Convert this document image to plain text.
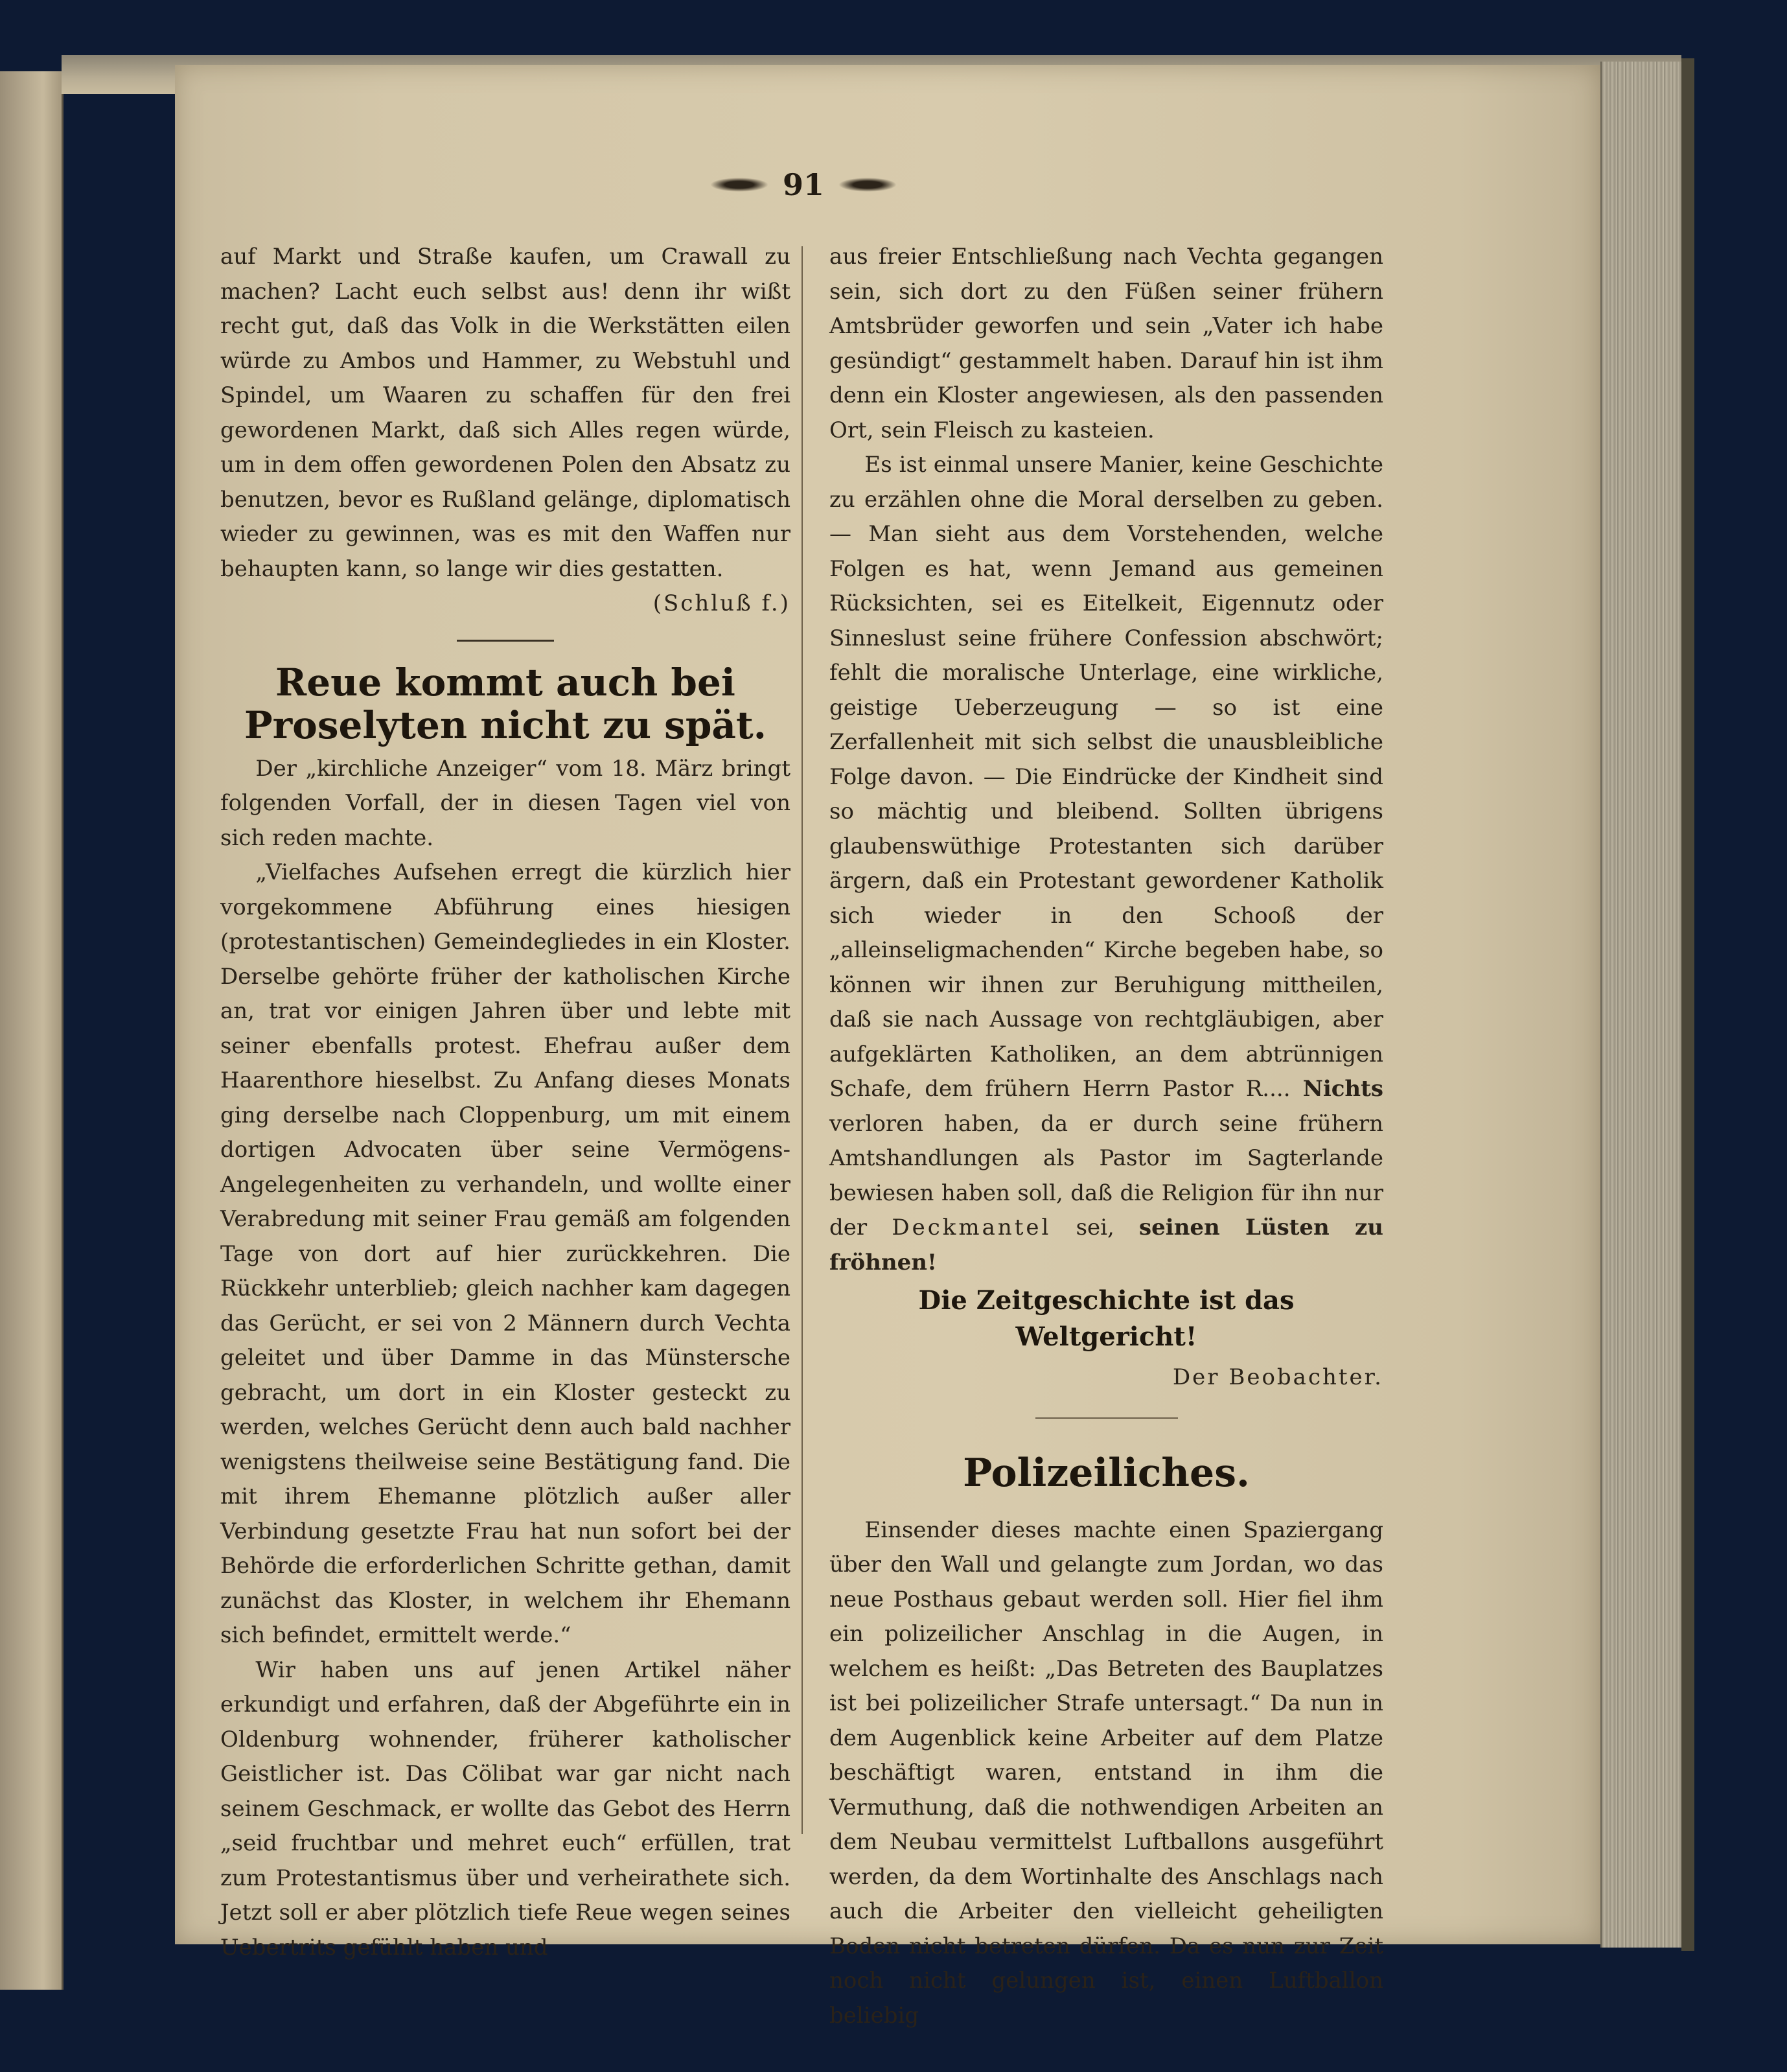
91

auf Markt und Straße kaufen, um Crawall zu machen? Lacht euch selbst aus! denn ihr wißt recht gut, daß das Volk in die Werkstätten eilen würde zu Ambos und Hammer, zu Webstuhl und Spindel, um Waaren zu schaffen für den frei gewordenen Markt, daß sich Alles regen würde, um in dem offen gewordenen Polen den Absatz zu benutzen, bevor es Rußland gelänge, diplomatisch wieder zu gewinnen, was es mit den Waffen nur behaupten kann, so lange wir dies gestatten.

(Schluß f.)

Reue kommt auch bei Proselyten nicht zu spät.

Der „kirchliche Anzeiger“ vom 18. März bringt folgenden Vorfall, der in diesen Tagen viel von sich reden machte.

„Vielfaches Aufsehen erregt die kürzlich hier vorgekommene Abführung eines hiesigen (protestantischen) Gemeindegliedes in ein Kloster. Derselbe gehörte früher der katholischen Kirche an, trat vor einigen Jahren über und lebte mit seiner ebenfalls protest. Ehefrau außer dem Haarenthore hieselbst. Zu Anfang dieses Monats ging derselbe nach Cloppenburg, um mit einem dortigen Advocaten über seine Vermögens-Angelegenheiten zu verhandeln, und wollte einer Verabredung mit seiner Frau gemäß am folgenden Tage von dort auf hier zurückkehren. Die Rückkehr unterblieb; gleich nachher kam dagegen das Gerücht, er sei von 2 Männern durch Vechta geleitet und über Damme in das Münstersche gebracht, um dort in ein Kloster gesteckt zu werden, welches Gerücht denn auch bald nachher wenigstens theilweise seine Bestätigung fand. Die mit ihrem Ehemanne plötzlich außer aller Verbindung gesetzte Frau hat nun sofort bei der Behörde die erforderlichen Schritte gethan, damit zunächst das Kloster, in welchem ihr Ehemann sich befindet, ermittelt werde.“

Wir haben uns auf jenen Artikel näher erkundigt und erfahren, daß der Abgeführte ein in Oldenburg wohnender, früherer katholischer Geistlicher ist. Das Cölibat war gar nicht nach seinem Geschmack, er wollte das Gebot des Herrn „seid fruchtbar und mehret euch“ erfüllen, trat zum Protestantismus über und verheirathete sich. Jetzt soll er aber plötzlich tiefe Reue wegen seines Uebertrits gefühlt haben und

aus freier Entschließung nach Vechta gegangen sein, sich dort zu den Füßen seiner frühern Amtsbrüder geworfen und sein „Vater ich habe gesündigt“ gestammelt haben. Darauf hin ist ihm denn ein Kloster angewiesen, als den passenden Ort, sein Fleisch zu kasteien.

Es ist einmal unsere Manier, keine Geschichte zu erzählen ohne die Moral derselben zu geben. — Man sieht aus dem Vorstehenden, welche Folgen es hat, wenn Jemand aus gemeinen Rücksichten, sei es Eitelkeit, Eigennutz oder Sinneslust seine frühere Confession abschwört; fehlt die moralische Unterlage, eine wirkliche, geistige Ueberzeugung — so ist eine Zerfallenheit mit sich selbst die unausbleibliche Folge davon. — Die Eindrücke der Kindheit sind so mächtig und bleibend. Sollten übrigens glaubenswüthige Protestanten sich darüber ärgern, daß ein Protestant gewordener Katholik sich wieder in den Schooß der „alleinseligmachenden“ Kirche begeben habe, so können wir ihnen zur Beruhigung mittheilen, daß sie nach Aussage von rechtgläubigen, aber aufgeklärten Katholiken, an dem abtrünnigen Schafe, dem frühern Herrn Pastor R.... Nichts verloren haben, da er durch seine frühern Amtshandlungen als Pastor im Sagterlande bewiesen haben soll, daß die Religion für ihn nur der Deckmantel sei, seinen Lüsten zu fröhnen!

Die Zeitgeschichte ist das Weltgericht!

Der Beobachter.

Polizeiliches.

Einsender dieses machte einen Spaziergang über den Wall und gelangte zum Jordan, wo das neue Posthaus gebaut werden soll. Hier fiel ihm ein polizeilicher Anschlag in die Augen, in welchem es heißt: „Das Betreten des Bauplatzes ist bei polizeilicher Strafe untersagt.“ Da nun in dem Augenblick keine Arbeiter auf dem Platze beschäftigt waren, entstand in ihm die Vermuthung, daß die nothwendigen Arbeiten an dem Neubau vermittelst Luftballons ausgeführt werden, da dem Wortinhalte des Anschlags nach auch die Arbeiter den vielleicht geheiligten Boden nicht betreten dürfen. Da es nun zur Zeit noch nicht gelungen ist, einen Luftballon beliebig
